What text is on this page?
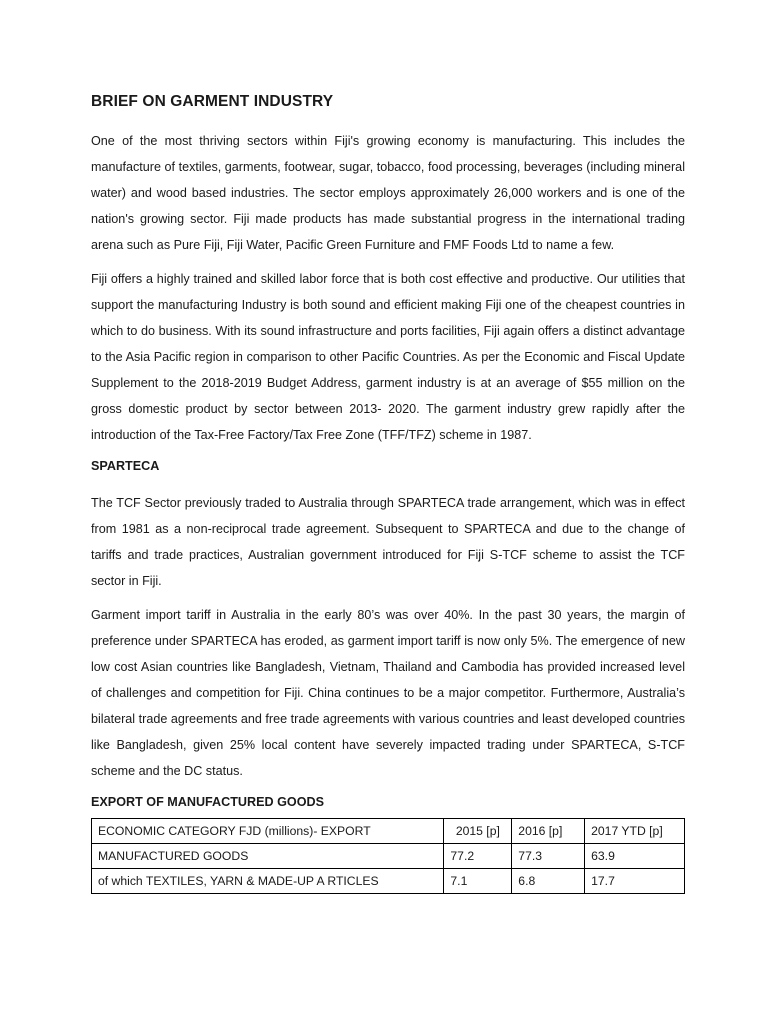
BRIEF ON GARMENT INDUSTRY

One of the most thriving sectors within Fiji's growing economy is manufacturing. This includes the manufacture of textiles, garments, footwear, sugar, tobacco, food processing, beverages (including mineral water) and wood based industries. The sector employs approximately 26,000 workers and is one of the nation's growing sector. Fiji made products has made substantial progress in the international trading arena such as Pure Fiji, Fiji Water, Pacific Green Furniture and FMF Foods Ltd to name a few.

Fiji offers a highly trained and skilled labor force that is both cost effective and productive. Our utilities that support the manufacturing Industry is both sound and efficient making Fiji one of the cheapest countries in which to do business. With its sound infrastructure and ports facilities, Fiji again offers a distinct advantage to the Asia Pacific region in comparison to other Pacific Countries. As per the Economic and Fiscal Update Supplement to the 2018-2019 Budget Address, garment industry is at an average of $55 million on the gross domestic product by sector between 2013- 2020. The garment industry grew rapidly after the introduction of the Tax-Free Factory/Tax Free Zone (TFF/TFZ) scheme in 1987.

SPARTECA

The TCF Sector previously traded to Australia through SPARTECA trade arrangement, which was in effect from 1981 as a non-reciprocal trade agreement. Subsequent to SPARTECA and due to the change of tariffs and trade practices, Australian government introduced for Fiji S-TCF scheme to assist the TCF sector in Fiji.

Garment import tariff in Australia in the early 80’s was over 40%. In the past 30 years, the margin of preference under SPARTECA has eroded, as garment import tariff is now only 5%. The emergence of new low cost Asian countries like Bangladesh, Vietnam, Thailand and Cambodia has provided increased level of challenges and competition for Fiji. China continues to be a major competitor. Furthermore, Australia’s bilateral trade agreements and free trade agreements with various countries and least developed countries like Bangladesh, given 25% local content have severely impacted trading under SPARTECA, S-TCF scheme and the DC status.

EXPORT OF MANUFACTURED GOODS
ECONOMIC CATEGORY FJD (millions)- EXPORT	2015 [p]	2016 [p]	2017 YTD [p]
MANUFACTURED GOODS	77.2	77.3	63.9
of which TEXTILES, YARN & MADE-UP A RTICLES	7.1	6.8	17.7
